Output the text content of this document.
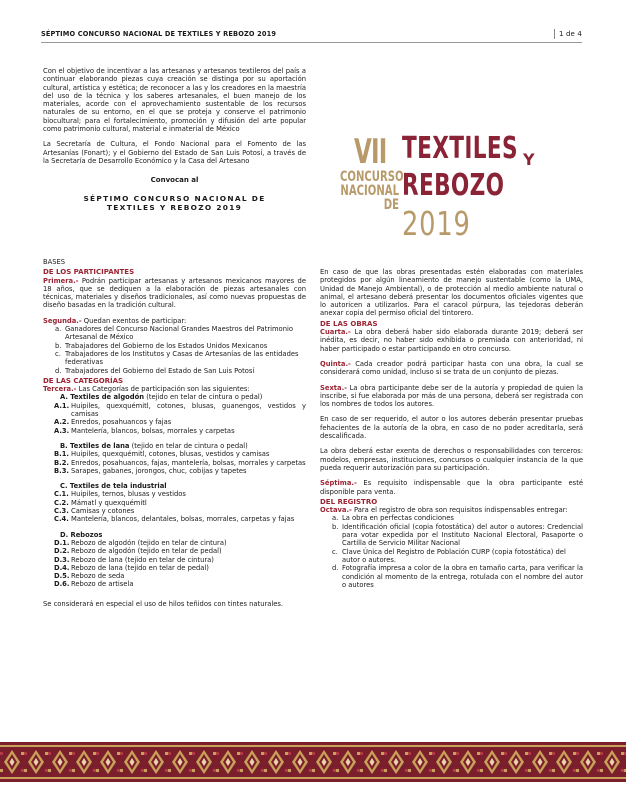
SÉPTIMO CONCURSO NACIONAL DE TEXTILES Y REBOZO 2019	1 de 4

Con el objetivo de incentivar a las artesanas y artesanos textileros del país a continuar elaborando piezas cuya creación se distinga por su aportación cultural, artística y estética; de reconocer a las y los creadores en la maestría del uso de la técnica y los saberes artesanales, el buen manejo de los materiales, acorde con el aprovechamiento sustentable de los recursos naturales de su entorno, en el que se proteja y conserve el patrimonio biocultural; para el fortalecimiento, promoción y difusión del arte popular como patrimonio cultural, material e inmaterial de México

La Secretaría de Cultura, el Fondo Nacional para el Fomento de las Artesanías (Fonart); y el Gobierno del Estado de San Luis Potosí, a través de la Secretaría de Desarrollo Económico y la Casa del Artesano

Convocan al

SÉPTIMO CONCURSO NACIONAL DE
TEXTILES Y REBOZO 2019

VII
CONCURSO
NACIONAL DE
TEXTILES Y
REBOZO
2019

BASES

DE LOS PARTICIPANTES

Primera.- Podrán participar artesanas y artesanos mexicanos mayores de 18 años, que se dediquen a la elaboración de piezas artesanales con técnicas, materiales y diseños tradicionales, así como nuevas propuestas de diseño basadas en la tradición cultural.

Segunda.- Quedan exentos de participar:

a. Ganadores del Concurso Nacional Grandes Maestros del Patrimonio Artesanal de México
b. Trabajadores del Gobierno de los Estados Unidos Mexicanos
c. Trabajadores de los Institutos y Casas de Artesanías de las entidades federativas
d. Trabajadores del Gobierno del Estado de San Luis Potosí

DE LAS CATEGORÍAS

Tercera.- Las Categorías de participación son las siguientes:

A. Textiles de algodón (tejido en telar de cintura o pedal)

A.1. Huipiles, quexquémitl, cotones, blusas, guanengos, vestidos y camisas

A.2. Enredos, posahuancos y fajas

A.3. Mantelería, blancos, bolsas, morrales y carpetas

B. Textiles de lana (tejido en telar de cintura o pedal)

B.1. Huipiles, quexquémitl, cotones, blusas, vestidos y camisas

B.2. Enredos, posahuancos, fajas, mantelería, bolsas, morrales y carpetas

B.3. Sarapes, gabanes, jorongos, chuc, cobijas y tapetes

C. Textiles de tela industrial

C.1. Huipiles, ternos, blusas y vestidos

C.2. Mámatl y quexquémitl

C.3. Camisas y cotones

C.4. Mantelería, blancos, delantales, bolsas, morrales, carpetas y fajas

D. Rebozos

D.1. Rebozo de algodón (tejido en telar de cintura)

D.2. Rebozo de algodón (tejido en telar de pedal)

D.3. Rebozo de lana (tejido en telar de cintura)

D.4. Rebozo de lana (tejido en telar de pedal)

D.5. Rebozo de seda

D.6. Rebozo de artisela

Se considerará en especial el uso de hilos teñidos con tintes naturales.

En caso de que las obras presentadas estén elaboradas con materiales protegidos por algún lineamiento de manejo sustentable (como la UMA, Unidad de Manejo Ambiental), o de protección al medio ambiente natural o animal, el artesano deberá presentar los documentos oficiales vigentes que lo autoricen a utilizarlos. Para el caracol púrpura, las tejedoras deberán anexar copia del permiso oficial del tintorero.

DE LAS OBRAS

Cuarta.- La obra deberá haber sido elaborada durante 2019; deberá ser inédita, es decir, no haber sido exhibida o premiada con anterioridad, ni haber participado o estar participando en otro concurso.

Quinta.- Cada creador podrá participar hasta con una obra, la cual se considerará como unidad, incluso si se trata de un conjunto de piezas.

Sexta.- La obra participante debe ser de la autoría y propiedad de quien la inscribe, si fue elaborada por más de una persona, deberá ser registrada con los nombres de todos los autores.

En caso de ser requerido, el autor o los autores deberán presentar pruebas fehacientes de la autoría de la obra, en caso de no poder acreditarla, será descalificada.

La obra deberá estar exenta de derechos o responsabilidades con terceros: modelos, empresas, instituciones, concursos o cualquier instancia de la que pueda requerir autorización para su participación.

Séptima.- Es requisito indispensable que la obra participante esté disponible para venta.

DEL REGISTRO

Octava.- Para el registro de obra son requisitos indispensables entregar:

a. La obra en perfectas condiciones
b. Identificación oficial (copia fotostática) del autor o autores: Credencial para votar expedida por el Instituto Nacional Electoral, Pasaporte o Cartilla de Servicio Militar Nacional
c. Clave Única del Registro de Población CURP (copia fotostática) del autor o autores.
d. Fotografía impresa a color de la obra en tamaño carta, para verificar la condición al momento de la entrega, rotulada con el nombre del autor o autores
